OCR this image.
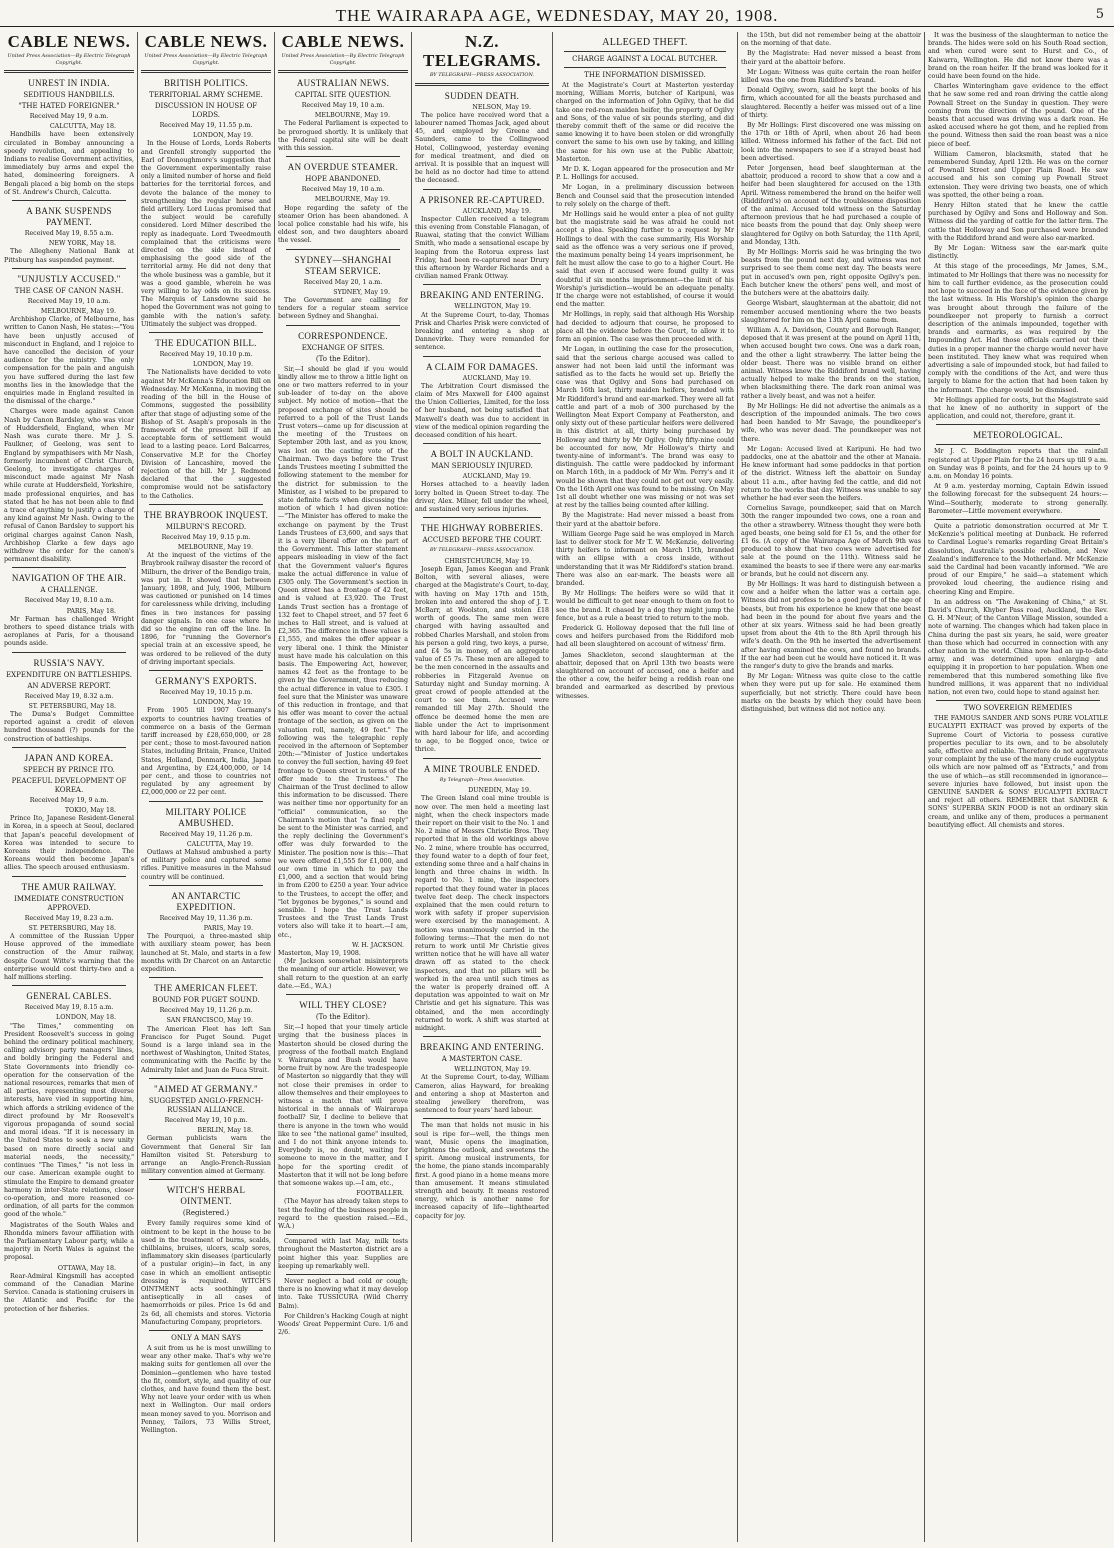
THE WAIRARAPA AGE, WEDNESDAY, MAY 20, 1908.	5
CABLE NEWS.
United Press Association—By Electric Telegraph Copyright.
UNREST IN INDIA.
SEDITIOUS HANDBILLS.
"THE HATED FOREIGNER."
Received May 19, 9 a.m.
CALCUTTA, May 18.

Handbills have been extensively circulated in Bombay announcing a speedy revolution, and appealing to Indians to realise Government activities, immediately buy arms and expel the hated, domineering foreigners. A Bengali placed a big bomb on the steps of St. Andrew's Church, Calcutta.

A BANK SUSPENDS PAYMENT.
Received May 19, 8.55 a.m.
NEW YORK, May 18.

The Allegheny National Bank at Pittsburg has suspended payment.

"UNJUSTLY ACCUSED."
THE CASE OF CANON NASH.
Received May 19, 10 a.m.
MELBOURNE, May 19.

Archbishop Clarke, of Melbourne, has written to Canon Nash, He states:—"You have been unjustly accused of misconduct in England, and I rejoice to have cancelled the decision of your audience for the ministry. The only compensation for the pain and anguish you have suffered during the last few months lies in the knowledge that the enquiries made in England resulted in the dismissal of the charge."

Charges were made against Canon Nash by Canon Bardsley, who was vicar of Huddersfield, England, when Mr Nash was curate there. Mr J. S. Faulkner, of Geelong, was sent to England by sympathisers with Mr Nash, formerly incumbent of Christ Church, Geelong, to investigate charges of misconduct made against Mr Nash while curate at Huddersfield, Yorkshire, made professional enquiries, and has stated that he has not been able to find a trace of anything to justify a charge of any kind against Mr Nash. Owing to the refusal of Canon Bardsley to support his original charges against Canon Nash, Archbishop Clarke a few days ago withdrew the order for the canon's permanent disability.

NAVIGATION OF THE AIR.
A CHALLENGE.
Received May 19, 8.10 a.m.
PARIS, May 18.

Mr Farman has challenged Wright brothers to speed distance trials with aeroplanes at Paris, for a thousand pounds aside.

RUSSIA'S NAVY.
EXPENDITURE ON BATTLESHIPS.
AN ADVERSE REPORT.
Received May 19, 8.32 a.m.
ST. PETERSBURG, May 18.

The Duma's Budget Committee reported against a credit of eleven hundred thousand (?) pounds for the construction of battleships.

JAPAN AND KOREA.
SPEECH BY PRINCE ITO.
PEACEFUL DEVELOPMENT OF KOREA.
Received May 19, 9 a.m.
TOKIO, May 18.

Prince Ito, Japanese Resident-General in Korea, in a speech at Seoul, declared that Japan's peaceful development of Korea was intended to secure to Koreans their independence. The Koreans would then become Japan's allies. The speech aroused enthusiasm.

THE AMUR RAILWAY.
IMMEDIATE CONSTRUCTION APPROVED.
Received May 19, 8.23 a.m.
ST. PETERSBURG, May 18.

A committee of the Russian Upper House approved of the immediate construction of the Amur railway, despite Count Witte's warning that the enterprise would cost thirty-two and a half millions sterling.

GENERAL CABLES.
Received May 19, 8.15 a.m.
LONDON, May 18.

"The Times," commenting on President Roosevelt's success in going behind the ordinary political machinery, calling advisory party managers' lines, and boldly bringing the Federal and State Governments into friendly co-operation for the conservation of the national resources, remarks that men of all parties, representing most diverse interests, have vied in supporting him, which affords a striking evidence of the direct profound by Mr Roosevelt's vigorous propaganda of sound social and moral ideas. "If it is necessary in the United States to seek a new unity based on more directly social and material needs, the necessity," continues "The Times," "is not less in our case. American example ought to stimulate the Empire to demand greater harmony in inter-State relations, closer co-operation, and more reasoned co-ordination, of all parts for the common good of the whole."

Magistrates of the South Wales and Rhondda miners favour affiliation with the Parliamentary Labour party, while a majority in North Wales is against the proposal.

OTTAWA, May 18.

Rear-Admiral Kingsmill has accepted command of the Canadian Marine Service. Canada is stationing cruisers in the Atlantic and Pacific for the protection of her fisheries.

CABLE NEWS.
United Press Association—By Electric Telegraph Copyright.
BRITISH POLITICS.
TERRITORIAL ARMY SCHEME.
DISCUSSION IN HOUSE OF LORDS.
Received May 19, 11.55 p.m.
LONDON, May 19.

In the House of Lords, Lords Roberts and Grenfell strongly supported the Earl of Donoughmore's suggestion that the Government experimentally raise only a limited number of horse and field batteries for the territorial forces, and devote the balance of the money to strengthening the regular horse and field artillery. Lord Lucas promised that the subject would be carefully considered. Lord Milner described the reply as inadequate. Lord Tweedmouth complained that the criticisms were directed on the side instead of emphasising the good side of the territorial army. He did not deny that the whole business was a gamble, but it was a good gamble, wherein he was very willing to lay odds on its success. The Marquis of Lansdowne said he hoped the Government was not going to gamble with the nation's safety. Ultimately the subject was dropped.

THE EDUCATION BILL.
Received May 19, 10.10 p.m.
LONDON, May 19.

The Nationalists have decided to vote against Mr McKenna's Education Bill on Wednesday. Mr McKenna, in moving the reading of the bill in the House of Commons, suggested the possibility after that stage of adjusting some of the Bishop of St. Asaph's proposals in the framework of the present bill if an acceptable form of settlement would lead to a lasting peace. Lord Balcarres, Conservative M.P. for the Chorley Division of Lancashire, moved the rejection of the bill. Mr J. Redmond declared that the suggested compromise would not be satisfactory to the Catholics.

THE BRAYBROOK INQUEST.
MILBURN'S RECORD.
Received May 19, 9.15 p.m.
MELBOURNE, May 19.

At the inquest of the victims of the Braybrook railway disaster the record of Milburn, the driver of the Bendigo train, was put in. It showed that between January, 1898, and July, 1906, Milburn was cautioned or punished on 14 times for carelessness while driving, including fines in two instances for passing danger signals. In one case where he did so the engine ran off the line. In 1896, for "running the Governor's special train at an excessive speed, he was ordered to be relieved of the duty of driving important specials.

GERMANY'S EXPORTS.
Received May 19, 10.15 p.m.
LONDON, May 19.

From 1905 till 1907 Germany's exports to countries having treaties of commerce on a basis of the German tariff increased by £28,650,000, or 28 per cent.; those to most-favoured nation States, including Britain, France, United States, Holland, Denmark, India, Japan and Argentina, by £24,400,000, or 14 per cent., and those to countries not regulated by any agreement by £2,000,000 or 22 per cent.

MILITARY POLICE AMBUSHED.
Received May 19, 11.26 p.m.
CALCUTTA, May 19.

Outlaws at Mahsud ambushed a party of military police and captured some rifles. Punitive measures in the Mahsud country will be continued.

AN ANTARCTIC EXPEDITION.
Received May 19, 11.36 p.m.
PARIS, May 19.

The Pourquoi, a three-masted ship with auxiliary steam power, has been launched at St. Malo, and starts in a few months with Dr Charcot on an Antarctic expedition.

THE AMERICAN FLEET.
BOUND FOR PUGET SOUND.
Received May 19, 11.26 p.m.
SAN FRANCISCO, May 19.

The American Fleet has left San Francisco for Puget Sound. Puget Sound is a large inland sea in the northwest of Washington, United States, communicating with the Pacific by the Admiralty Inlet and Juan de Fuca Strait.

"AIMED AT GERMANY."
SUGGESTED ANGLO-FRENCH-RUSSIAN ALLIANCE.
Received May 19, 10 p.m.
BERLIN, May 18.

German publicists warn the Government that General Sir Ian Hamilton visited St. Petersburg to arrange an Anglo-French-Russian military convention aimed at Germany.

WITCH'S HERBAL OINTMENT.
(Registered.)

Every family requires some kind of ointment to be kept in the house to be used in the treatment of burns, scalds, chilblains, bruises, ulcers, scalp sores, inflammatory skin diseases (particularly of a pustular origin)—in fact, in any case in which an emollient antiseptic dressing is required. WITCH'S OINTMENT acts soothingly and antiseptically in all cases of haemorrhoids or piles. Price 1s 6d and 2s 6d, all chemists and stores. Victoria Manufacturing Company, proprietors.

ONLY A MAN SAYS

A suit from us he is most unwilling to wear any other make. That's why we're making suits for gentlemen all over the Dominion—gentlemen who have tested the fit, comfort, style, and quality of our clothes, and have found them the best. Why not leave your order with us when next in Wellington. Our mail orders mean money saved to you. Morrison and Penney, Tailors, 73 Willis Street, Wellington.

CABLE NEWS.
United Press Association—By Electric Telegraph Copyright.
AUSTRALIAN NEWS.
CAPITAL SITE QUESTION.
Received May 19, 10 a.m.
MELBOURNE, May 19.

The Federal Parliament is expected to be prorogued shortly. It is unlikely that the Federal capital site will be dealt with this session.

AN OVERDUE STEAMER.
HOPE ABANDONED.
Received May 19, 10 a.m.
MELBOURNE, May 19.

Hope regarding the safety of the steamer Orion has been abandoned. A local police constable had his wife, his eldest son, and two daughters aboard the vessel.

SYDNEY—SHANGHAI STEAM SERVICE.
Received May 20, 1 a.m.
SYDNEY, May 19.

The Government are calling for tenders for a regular steam service between Sydney and Shanghai.

CORRESPONDENCE.
EXCHANGE OF SITES.
(To the Editor).

Sir,—I should be glad if you would kindly allow me to throw a little light on one or two matters referred to in your sub-leader of to-day on the above subject. My notice of motion—that the proposed exchange of sites should be referred to a poll of the Trust Lands Trust voters—came up for discussion at the meeting of the Trustees on September 20th last, and as you know, was lost on the casting vote of the Chairman. Two days before the Trust Lands Trustees meeting I submitted the following statement to the member for the district for submission to the Minister, as I wished to be prepared to state definite facts when discussing the motion of which I had given notice:—"The Minister has offered to make the exchange on payment by the Trust Lands Trustees of £3,600, and says that it is a very liberal offer on the part of the Government. This latter statement appears misleading in view of the fact that the Government valuer's figures make the actual difference in value of £305 only. The Government's section in Queen street has a frontage of 42 feet, and is valued at £3,920. The Trust Lands Trust section has a frontage of 132 feet to Chapel street, and 57 feet 6 inches to Hall street, and is valued at £2,365. The difference in these values is £1,555, and makes the offer appear a very liberal one. I think the Minister must have made his calculation on this basis. The Empowering Act, however, names 42 feet as the frontage to be given by the Government, thus reducing the actual difference in value to £305. I feel sure that the Minister was unaware of this reduction in frontage, and that his offer was meant to cover the actual frontage of the section, as given on the valuation roll, namely, 49 feet." The following was the telegraphic reply received in the afternoon of September 20th:—"Minister of Justice undertakes to convey the full section, having 49 feet frontage to Queen street in terms of the offer made to the Trustees." The Chairman of the Trust declined to allow this information to be discussed. There was neither time nor opportunity for an "official" communication, so the Chairman's motion that "a final reply" be sent to the Minister was carried, and the reply declining the Government's offer was duly forwarded to the Minister. The position now is this:—That we were offered £1,555 for £1,000, and our own time in which to pay the £1,000, and a section that would bring in from £200 to £250 a year. Your advice to the Trustees, to accept the offer, and "let bygones be bygones," is sound and sensible. I hope the Trust Lands Trustees and the Trust Lands Trust voters also will take it to heart.—I am, etc.,

W. H. JACKSON.
Masterton, May 19, 1908.

(Mr Jackson somewhat misinterprets the meaning of our article. However, we shall return to the question at an early date.—Ed., W.A.)

WILL THEY CLOSE?
(To the Editor).

Sir,—I hoped that your timely article urging that the business places in Masterton should be closed during the progress of the football match England v. Wairarapa and Bush would have borne fruit by now. Are the tradespeople of Masterton so niggardly that they will not close their premises in order to allow themselves and their employees to witness a match that will prove historical in the annals of Wairarapa football? Sir, I decline to believe that there is anyone in the town who would like to see "the national game" insulted, and I do not think anyone intends to. Everybody is, no doubt, waiting for someone to move in the matter, and I hope for the sporting credit of Masterton that it will not be long before that someone wakes up.—I am, etc.,

FOOTBALLER.

(The Mayor has already taken steps to test the feeling of the business people in regard to the question raised.—Ed., W.A.)

Compared with last May, milk tests throughout the Masterton district are a point higher this year. Supplies are keeping up remarkably well.

Never neglect a bad cold or cough; there is no knowing what it may develop into. Take TUSSICURA (Wild Cherry Balm).

For Children's Hacking Cough at night Woods' Great Peppermint Cure. 1/6 and 2/6.

N.Z. TELEGRAMS.
BY TELEGRAPH—PRESS ASSOCIATION.
SUDDEN DEATH.
NELSON, May 19.

The police have received word that a labourer named Thomas Jack, aged about 45, and employed by Greene and Saunders, came to the Collingwood Hotel, Collingwood, yesterday evening for medical treatment, and died on arrival. It is possible that an inquest will be held as no doctor had time to attend the deceased.

A PRISONER RE-CAPTURED.
AUCKLAND, May 19.

Inspector Cullen received a telegram this evening from Constable Flanagan, of Ruawai, stating that the convict William Smith, who made a sensational escape by leaping from the Rotorua express last Friday, had been re-captured near Drury this afternoon by Warder Richards and a civilian named Frank Ottway.

BREAKING AND ENTERING.
WELLINGTON, May 19.

At the Supreme Court, to-day, Thomas Prisk and Charles Prisk were convicted of breaking and entering a shop at Dannevirke. They were remanded for sentence.

A CLAIM FOR DAMAGES.
AUCKLAND, May 19.

The Arbitration Court dismissed the claim of Mrs Maxwell for £400 against the Union Collieries, Limited, for the loss of her husband, not being satisfied that Maxwell's death was due to accident in view of the medical opinion regarding the deceased condition of his heart.

A BOLT IN AUCKLAND.
MAN SERIOUSLY INJURED.
AUCKLAND, May 19.

Horses attached to a heavily laden lorry bolted in Queen Street to-day. The driver, Alex. Milner, fell under the wheel, and sustained very serious injuries.

THE HIGHWAY ROBBERIES.
ACCUSED BEFORE THE COURT.
BY TELEGRAPH—PRESS ASSOCIATION.
CHRISTCHURCH, May 19.

Joseph Egan, James Keegan and Frank Bolton, with several aliases, were charged at the Magistrate's Court, to-day, with having on May 17th and 15th, broken into and entered the shop of J. T. McBarr, at Woolston, and stolen £18 worth of goods. The same men were charged with having assaulted and robbed Charles Marshall, and stolen from his person a gold ring, two keys, a purse, and £4 5s in money, of an aggregate value of £5 7s. These men are alleged to be the men concerned in the assaults and robberies in Fitzgerald Avenue on Saturday night and Sunday morning. A great crowd of people attended at the court to see them. Accused were remanded till May 27th. Should the offence be deemed home the men are liable under the Act to imprisonment with hard labour for life, and according to age, to be flogged once, twice or thrice.

A MINE TROUBLE ENDED.
By Telegraph—Press Association.
DUNEDIN, May 19.

The Green Island coal mine trouble is now over. The men held a meeting last night, when the check inspectors made their report on their visit to the No. 1 and No. 2 mine of Messrs Christie Bros. They reported that in the old workings above No. 2 mine, where trouble has occurred, they found water to a depth of four feet, extending some three and a half chains in length and three chains in width. In regard to No. 1 mine, the inspectors reported that they found water in places twelve feet deep. The check inspectors explained that the men could return to work with safety if proper supervision were exercised by the management. A motion was unanimously carried in the following terms:—That the men do not return to work until Mr Christie gives written notice that he will have all water drawn off as stated to the check inspectors, and that no pillars will be worked in the area until such times as the water is properly drained off. A deputation was appointed to wait on Mr Christie and get his signature. This was obtained, and the men accordingly returned to work. A shift was started at midnight.

BREAKING AND ENTERING.
A MASTERTON CASE.
WELLINGTON, May 19.

At the Supreme Court, to-day, William Cameron, alias Hayward, for breaking and entering a shop at Masterton and stealing jewellery therefrom, was sentenced to four years' hard labour.

The man that holds not music in his soul is ripe for—well, the things men want, Music opens the imagination, brightens the outlook, and sweetens the spirit. Among musical instruments, for the home, the piano stands incomparably first. A good piano in a home means more than amusement. It means stimulated strength and beauty. It means restored energy, which is another name for increased capacity of life—lighthearted capacity for joy.

ALLEGED THEFT.
CHARGE AGAINST A LOCAL BUTCHER.
THE INFORMATION DISMISSED.

At the Magistrate's Court at Masterton yesterday morning, William Morris, butcher of Karipuni, was charged on the information of John Ogilvy, that he did take one red-roan maiden heifer, the property of Ogilvy and Sons, of the value of six pounds sterling, and did thereby commit theft of the same or did receive the same knowing it to have been stolen or did wrongfully convert the same to his own use by taking, and killing the same for his own use at the Public Abattoir, Masterton.

Mr D. K. Logan appeared for the prosecution and Mr P. L. Hollings for accused.

Mr Logan, in a preliminary discussion between Bench and Counsel said that the prosecution intended to rely solely on the charge of theft.

Mr Hollings said he would enter a plea of not guilty but the magistrate said he was afraid he could not accept a plea. Speaking further to a request by Mr Hollings to deal with the case summarily, His Worship said as the offence was a very serious one if proved, the maximum penalty being 14 years imprisonment, he felt he must allow the case to go to a higher Court. He said that even if accused were found guilty it was doubtful if six months imprisonment—the limit of his Worship's jurisdiction—would be an adequate penalty. If the charge were not established, of course it would end the matter.

Mr Hollings, in reply, said that although His Worship had decided to adjourn that course, he proposed to place all the evidence before the Court, to allow it to form an opinion. The case was then proceeded with.

Mr Logan, in outlining the case for the prosecution, said that the serious charge accused was called to answer had not been laid until the informant was satisfied as to the facts he would set up. Briefly the case was that Ogilvy and Sons had purchased on March 16th last, thirty maiden heifers, branded with Mr Riddiford's brand and ear-marked. They were all fat cattle and part of a mob of 300 purchased by the Wellington Meat Export Company at Featherston, and only sixty out of these particular heifers were delivered in this district at all, thirty being purchased by Holloway and thirty by Mr Ogilvy. Only fifty-nine could be accounted for now, Mr Holloway's thirty and twenty-nine of informant's. The brand was easy to distinguish. The cattle were paddocked by informant on March 16th, in a paddock of Mr Wm. Perry's and it would be shown that they could not get out very easily. On the 16th April one was found to be missing. On May 1st all doubt whether one was missing or not was set at rest by the tallies being counted after killing.

By the Magistrate: Had never missed a beast from their yard at the abattoir before.

William George Page said he was employed in March last to deliver stock for Mr T. W. McKenzie, delivering thirty heifers to informant on March 15th, branded with an ellipse with a cross inside, without understanding that it was Mr Riddiford's station brand. There was also an ear-mark. The beasts were all branded.

By Mr Hollings: The heifers were so wild that it would be difficult to get near enough to them on foot to see the brand. It chased by a dog they might jump the fence, but as a rule a beast tried to return to the mob.

Frederick G. Holloway deposed that the full line of cows and heifers purchased from the Riddiford mob had all been slaughtered on account of witness' firm.

James Shackleton, second slaughterman at the abattoir, deposed that on April 13th two beasts were slaughtered on account of accused, one a heifer and the other a cow, the heifer being a reddish roan one branded and earmarked as described by previous witnesses.

the 15th, but did not remember being at the abattoir on the morning of that date.

By the Magistrate: Had never missed a beast from their yard at the abattoir before.

Mr Logan: Witness was quite certain the roan heifer killed was the one from Riddiford's brand.

Donald Ogilvy, sworn, said he kept the books of his firm, which accounted for all the beasts purchased and slaughtered. Recently a heifer was missed out of a line of thirty.

By Mr Hollings: First discovered one was missing on the 17th or 18th of April, when about 26 had been killed. Witness informed his father of the fact. Did not look into the newspapers to see if a strayed beast had been advertised.

Peter Jorgensen, head beef slaughterman at the abattoir, produced a record to show that a cow and a heifer had been slaughtered for accused on the 13th April. Witness remembered the brand on the heifer well (Riddiford's) on account of the troublesome disposition of the animal. Accused told witness on the Saturday afternoon previous that he had purchased a couple of nice beasts from the pound that day. Only sheep were slaughtered for Ogilvy on both Saturday, the 11th April, and Monday, 13th.

By Mr Hollings: Morris said he was bringing the two beasts from the pound next day, and witness was not surprised to see them come next day. The beasts were put in accused's own pen, right opposite Ogilvy's pen. Each butcher knew the others' pens well, and most of the butchers were at the abattoirs daily.

George Wisbart, slaughterman at the abattoir, did not remember accused mentioning where the two beasts slaughtered for him on the 13th April came from.

William A. A. Davidson, County and Borough Ranger, deposed that it was present at the pound on April 11th, when accused bought two cows. One was a dark roan, and the other a light strawberry. The latter being the older beast. There was no visible brand on either animal. Witness knew the Riddiford brand well, having actually helped to make the brands on the station, when blacksmithing there. The dark roan animal was rather a lively beast, and was not a heifer.

By Mr Hollings: He did not advertise the animals as a description of the impounded animals. The two cows had been handed to Mr Savage, the poundkeeper's wife, who was never dead. The poundkeeper was not there.

Mr Logan: Accused lived at Karipuni. He had two paddocks, one at the abattoir and the other at Manaia. He knew informant had some paddocks in that portion of the district. Witness left the abattoir on Sunday about 11 a.m., after having fed the cattle, and did not return to the works that day. Witness was unable to say whether he had ever seen the heifers.

Cornelius Savage, poundkeeper, said that on March 30th the ranger impounded two cows, one a roan and the other a strawberry. Witness thought they were both aged beasts, one being sold for £1 5s, and the other for £1 6s. (A copy of the Wairarapa Age of March 9th was produced to show that two cows were advertised for sale at the pound on the 11th). Witness said he examined the beasts to see if there were any ear-marks or brands, but he could not discern any.

By Mr Hollings: It was hard to distinguish between a cow and a heifer when the latter was a certain age. Witness did not profess to be a good judge of the age of beasts, but from his experience he knew that one beast had been in the pound for about five years and the other at six years. Witness said he had been greatly upset from about the 4th to the 8th April through his wife's death. On the 9th he inserted the advertisement after having examined the cows, and found no brands. If the ear had been cut he would have noticed it. It was the ranger's duty to give the brands and marks.

By Mr Logan: Witness was quite close to the cattle when they were put up for sale. He examined them superficially, but not strictly. There could have been marks on the beasts by which they could have been distinguished, but witness did not notice any.

It was the business of the slaughterman to notice the brands. The hides were sold on his South Road section, and when cured were sent to Hurst and Co., of Kaiwarra, Wellington. He did not know there was a brand on the roan heifer. If the brand was looked for it could have been found on the hide.

Charles Winteringham gave evidence to the effect that he saw some red and roan driving the cattle along Pownall Street on the Sunday in question. They were coming from the direction of the pound. One of the beasts that accused was driving was a dark roan. He asked accused where he got them, and he replied from the pound. Witness then said the roan beast was a nice piece of beef.

William Cameron, blacksmith, stated that he remembered Sunday, April 12th. He was on the corner of Pownall Street and Upper Plain Road. He saw accused and his son coming up Pownall Street extension. They were driving two beasts, one of which was spotted, the other being a roan.

Henry Hilton stated that he knew the cattle purchased by Ogilvy and Sons and Holloway and Son. Witness did the yarding of cattle for the latter firm. The cattle that Holloway and Son purchased were branded with the Riddiford brand and were also ear-marked.

By Mr Logan: Witness saw the ear-mark quite distinctly.

At this stage of the proceedings, Mr James, S.M., intimated to Mr Hollings that there was no necessity for him to call further evidence, as the prosecution could not hope to succeed in the face of the evidence given by the last witness. In His Worship's opinion the charge was brought about through the failure of the poundkeeper not properly to furnish a correct description of the animals impounded, together with brands and earmarks, as was required by the Impounding Act. Had those officials carried out their duties in a proper manner the charge would never have been instituted. They knew what was required when advertising a sale of impounded stock, but had failed to comply with the conditions of the Act, and were thus largely to blame for the action that had been taken by the informant. The charge would be dismissed.

Mr Hollings applied for costs, but the Magistrate said that he knew of no authority in support of the application, and could not, therefore, grant it.

METEOROLOGICAL.

Mr J. C. Boddington reports that the rainfall registered at Upper Plain for the 24 hours up till 9 a.m. on Sunday was 8 points, and for the 24 hours up to 9 a.m. on Monday 16 points.

At 9 a.m. yesterday morning, Captain Edwin issued the following forecast for the subsequent 24 hours:—Wind—Southerly, moderate to strong generally. Barometer—Little movement everywhere.

Quite a patriotic demonstration occurred at Mr T. McKenzie's political meeting at Dunback. He referred to Cardinal Logue's remarks regarding Great Britain's dissolution, Australia's possible rebellion, and New Zealand's indifference to the Motherland. Mr McKenzie said the Cardinal had been vacantly informed. "We are proud of our Empire," he said—a statement which provoked loud cheering, the audience rising and cheering King and Empire.

In an address on "The Awakening of China," at St. David's Church, Khyber Pass road, Auckland, the Rev. G. H. M'Neur, of the Canton Village Mission, sounded a note of warning. The changes which had taken place in China during the past six years, he said, were greater than those which had occurred in connection with any other nation in the world. China now had an up-to-date army, and was determined upon enlarging and equipping it in proportion to her population. When one remembered that this numbered something like five hundred millions, it was apparent that no individual nation, not even two, could hope to stand against her.

TWO SOVEREIGN REMEDIES

THE FAMOUS SANDER AND SONS PURE VOLATILE EUCALYPTI EXTRACT was proved by experts of the Supreme Court of Victoria to possess curative properties peculiar to its own, and to be absolutely safe, effective and reliable. Therefore do not aggravate your complaint by the use of the many crude eucalyptus oils which are now palmed off as "Extracts," and from the use of which—as still recommended in ignorance—severe injuries have followed, but insist upon the GENUINE SANDER & SONS' EUCALYPTI EXTRACT and reject all others. REMEMBER that SANDER & SONS' SUPERBA SKIN FOOD is not an ordinary skin cream, and unlike any of them, produces a permanent beautifying effect. All chemists and stores.
